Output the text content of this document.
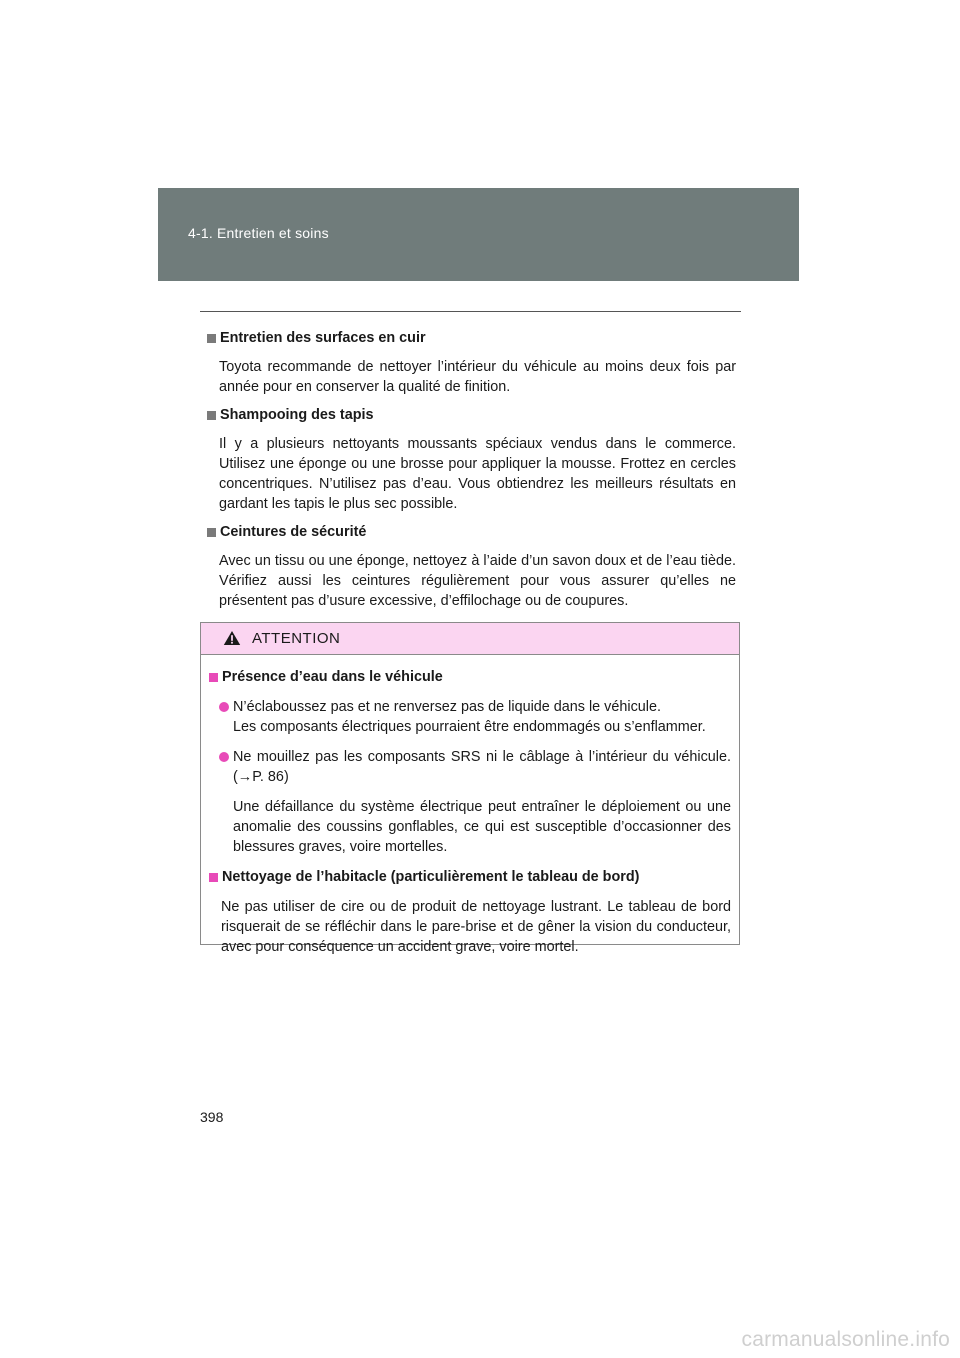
4-1. Entretien et soins
Entretien des surfaces en cuir

Toyota recommande de nettoyer l’intérieur du véhicule au moins deux fois par année pour en conserver la qualité de finition.

Shampooing des tapis

Il y a plusieurs nettoyants moussants spéciaux vendus dans le commerce. Utilisez une éponge ou une brosse pour appliquer la mousse. Frottez en cercles concentriques. N’utilisez pas d’eau. Vous obtiendrez les meilleurs résultats en gardant les tapis le plus sec possible.

Ceintures de sécurité

Avec un tissu ou une éponge, nettoyez à l’aide d’un savon doux et de l’eau tiède. Vérifiez aussi les ceintures régulièrement pour vous assurer qu’elles ne présentent pas d’usure excessive, d’effilochage ou de coupures.

ATTENTION
Présence d’eau dans le véhicule
N’éclaboussez pas et ne renversez pas de liquide dans le véhicule.
Les composants électriques pourraient être endommagés ou s’enflammer.
Ne mouillez pas les composants SRS ni le câblage à l’intérieur du véhicule. (→P. 86)

Une défaillance du système électrique peut entraîner le déploiement ou une anomalie des coussins gonflables, ce qui est susceptible d’occasionner des blessures graves, voire mortelles.

Nettoyage de l’habitacle (particulièrement le tableau de bord)

Ne pas utiliser de cire ou de produit de nettoyage lustrant. Le tableau de bord risquerait de se réfléchir dans le pare-brise et de gêner la vision du conducteur, avec pour conséquence un accident grave, voire mortel.

398
carmanualsonline.info
